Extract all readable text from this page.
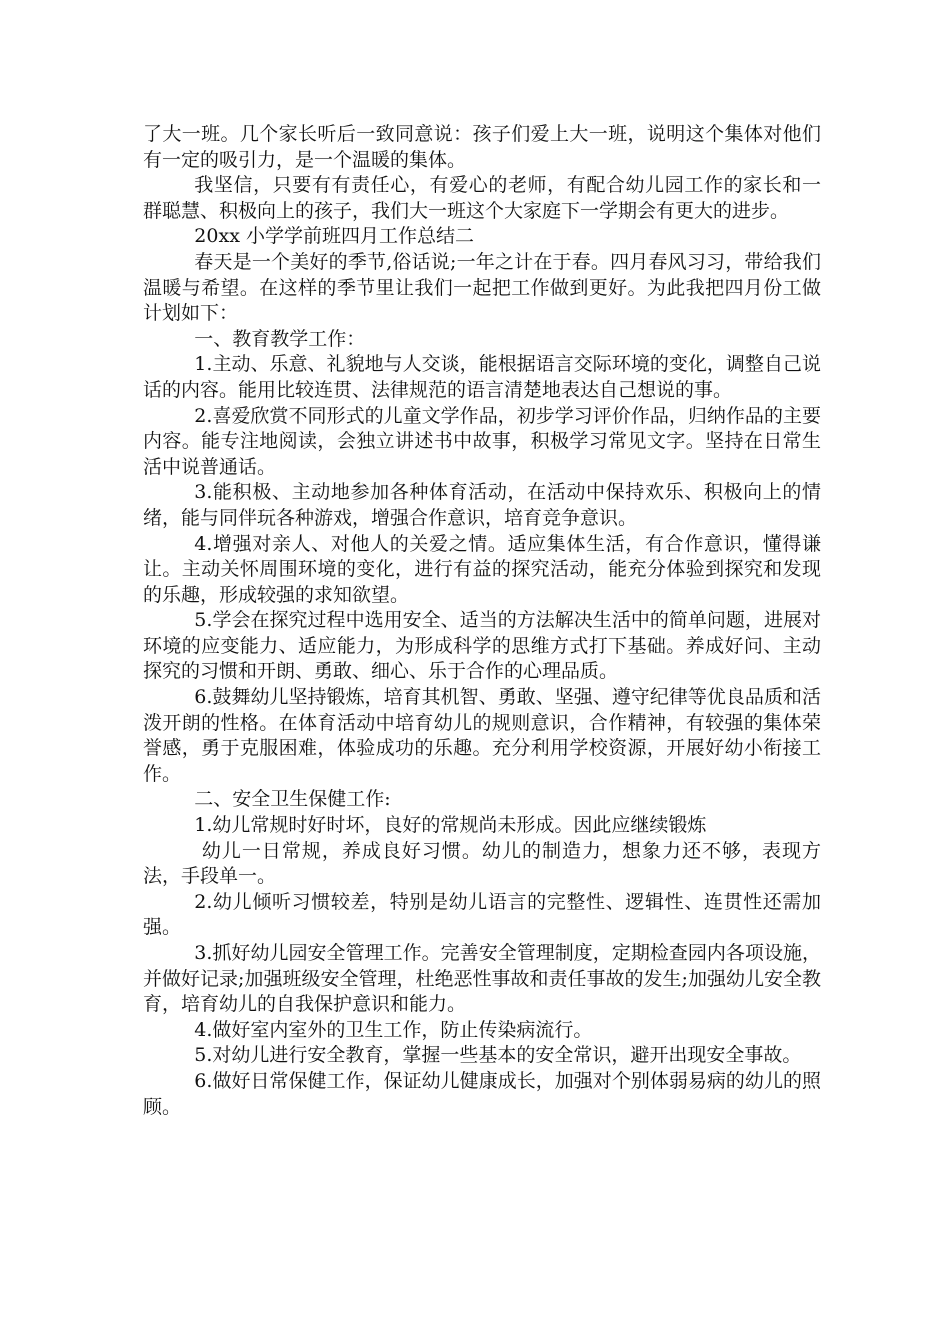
了大一班。几个家长听后一致同意说：孩子们爱上大一班，说明这个集体对他们有一定的吸引力，是一个温暖的集体。

我坚信，只要有有责任心，有爱心的老师，有配合幼儿园工作的家长和一群聪慧、积极向上的孩子，我们大一班这个大家庭下一学期会有更大的进步。

20xx 小学学前班四月工作总结二

春天是一个美好的季节,俗话说;一年之计在于春。四月春风习习，带给我们温暖与希望。在这样的季节里让我们一起把工作做到更好。为此我把四月份工做计划如下：

一、教育教学工作：

1.主动、乐意、礼貌地与人交谈，能根据语言交际环境的变化，调整自己说话的内容。能用比较连贯、法律规范的语言清楚地表达自己想说的事。

2.喜爱欣赏不同形式的儿童文学作品，初步学习评价作品，归纳作品的主要内容。能专注地阅读，会独立讲述书中故事，积极学习常见文字。坚持在日常生活中说普通话。

3.能积极、主动地参加各种体育活动，在活动中保持欢乐、积极向上的情绪，能与同伴玩各种游戏，增强合作意识，培育竞争意识。

4.增强对亲人、对他人的关爱之情。适应集体生活，有合作意识，懂得谦让。主动关怀周围环境的变化，进行有益的探究活动，能充分体验到探究和发现的乐趣，形成较强的求知欲望。

5.学会在探究过程中选用安全、适当的方法解决生活中的简单问题，进展对环境的应变能力、适应能力，为形成科学的思维方式打下基础。养成好问、主动探究的习惯和开朗、勇敢、细心、乐于合作的心理品质。

6.鼓舞幼儿坚持锻炼，培育其机智、勇敢、坚强、遵守纪律等优良品质和活泼开朗的性格。在体育活动中培育幼儿的规则意识，合作精神，有较强的集体荣誉感，勇于克服困难，体验成功的乐趣。充分利用学校资源，开展好幼小衔接工作。

二、安全卫生保健工作:

1.幼儿常规时好时坏，良好的常规尚未形成。因此应继续锻炼

幼儿一日常规，养成良好习惯。幼儿的制造力，想象力还不够，表现方法，手段单一。

2.幼儿倾听习惯较差，特别是幼儿语言的完整性、逻辑性、连贯性还需加强。

3.抓好幼儿园安全管理工作。完善安全管理制度，定期检查园内各项设施，并做好记录;加强班级安全管理，杜绝恶性事故和责任事故的发生;加强幼儿安全教育，培育幼儿的自我保护意识和能力。

4.做好室内室外的卫生工作，防止传染病流行。

5.对幼儿进行安全教育，掌握一些基本的安全常识，避开出现安全事故。

6.做好日常保健工作，保证幼儿健康成长，加强对个别体弱易病的幼儿的照顾。
